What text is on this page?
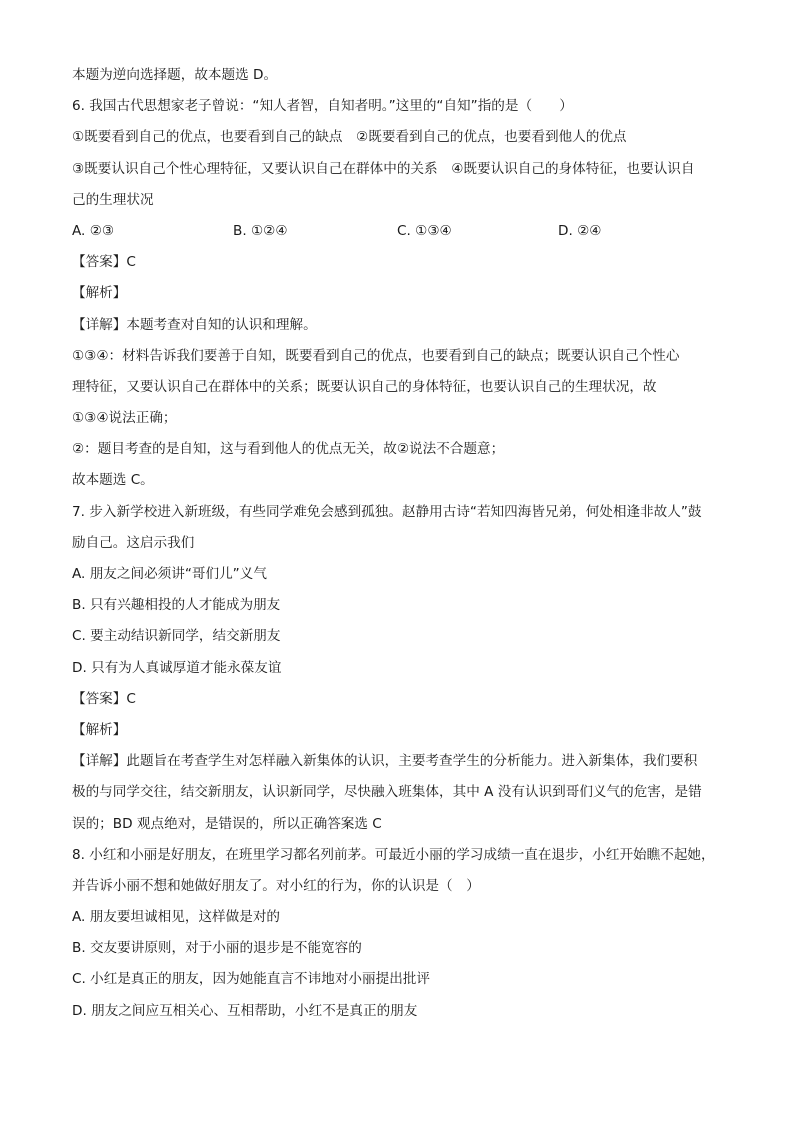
本题为逆向选择题，故本题选 D。
6. 我国古代思想家老子曾说：“知人者智，自知者明。”这里的“自知”指的是（　　）
①既要看到自己的优点，也要看到自己的缺点　②既要看到自己的优点，也要看到他人的优点
③既要认识自己个性心理特征，又要认识自己在群体中的关系　④既要认识自己的身体特征，也要认识自
己的生理状况
A. ②③	B. ①②④	C. ①③④	D. ②④
【答案】C
【解析】
【详解】本题考查对自知的认识和理解。
①③④：材料告诉我们要善于自知，既要看到自己的优点，也要看到自己的缺点；既要认识自己个性心
理特征，又要认识自己在群体中的关系；既要认识自己的身体特征，也要认识自己的生理状况，故
①③④说法正确；
②：题目考查的是自知，这与看到他人的优点无关，故②说法不合题意；
故本题选 C。
7. 步入新学校进入新班级，有些同学难免会感到孤独。赵静用古诗“若知四海皆兄弟，何处相逢非故人”鼓
励自己。这启示我们
A. 朋友之间必须讲“哥们儿”义气
B. 只有兴趣相投的人才能成为朋友
C. 要主动结识新同学，结交新朋友
D. 只有为人真诚厚道才能永葆友谊
【答案】C
【解析】
【详解】此题旨在考查学生对怎样融入新集体的认识，主要考查学生的分析能力。进入新集体，我们要积
极的与同学交往，结交新朋友，认识新同学，尽快融入班集体，其中 A 没有认识到哥们义气的危害，是错
误的；BD 观点绝对，是错误的，所以正确答案选 C
8. 小红和小丽是好朋友，在班里学习都名列前茅。可最近小丽的学习成绩一直在退步，小红开始瞧不起她，
并告诉小丽不想和她做好朋友了。对小红的行为，你的认识是（　）
A. 朋友要坦诚相见，这样做是对的
B. 交友要讲原则，对于小丽的退步是不能宽容的
C. 小红是真正的朋友，因为她能直言不讳地对小丽提出批评
D. 朋友之间应互相关心、互相帮助，小红不是真正的朋友
